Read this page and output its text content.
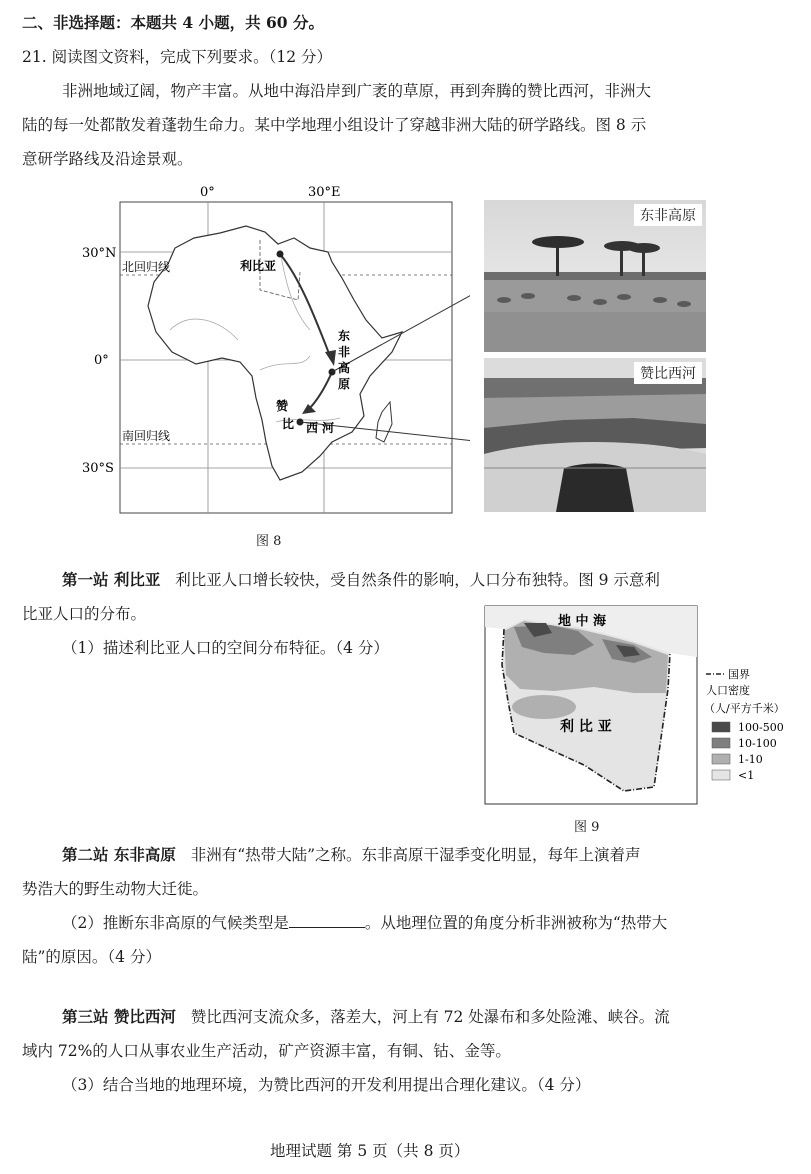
二、非选择题：本题共 4 小题，共 60 分。
21. 阅读图文资料，完成下列要求。（12 分）
非洲地域辽阔，物产丰富。从地中海沿岸到广袤的草原，再到奔腾的赞比西河，非洲大
陆的每一处都散发着蓬勃生命力。某中学地理小组设计了穿越非洲大陆的研学路线。图 8 示
意研学路线及沿途景观。
0°	30°E
30°N
0°
30°S
北回归线
南回归线
利比亚
东
非
高
原
赞
比 西 河
东非高原
赞比西河
图 8
第一站 利比亚 利比亚人口增长较快，受自然条件的影响，人口分布独特。图 9 示意利
比亚人口的分布。
（1）描述利比亚人口的空间分布特征。（4 分）
地 中 海
利 比 亚
国界
人口密度
（人/平方千米）
100-500
10-100
1-10
<1
图 9
第二站 东非高原 非洲有“热带大陆”之称。东非高原干湿季变化明显，每年上演着声
势浩大的野生动物大迁徙。
（2）推断东非高原的气候类型是	。从地理位置的角度分析非洲被称为“热带大
陆”的原因。（4 分）
第三站 赞比西河 赞比西河支流众多，落差大，河上有 72 处瀑布和多处险滩、峡谷。流
域内 72%的人口从事农业生产活动，矿产资源丰富，有铜、钴、金等。
（3）结合当地的地理环境，为赞比西河的开发利用提出合理化建议。（4 分）
地理试题 第 5 页（共 8 页）
